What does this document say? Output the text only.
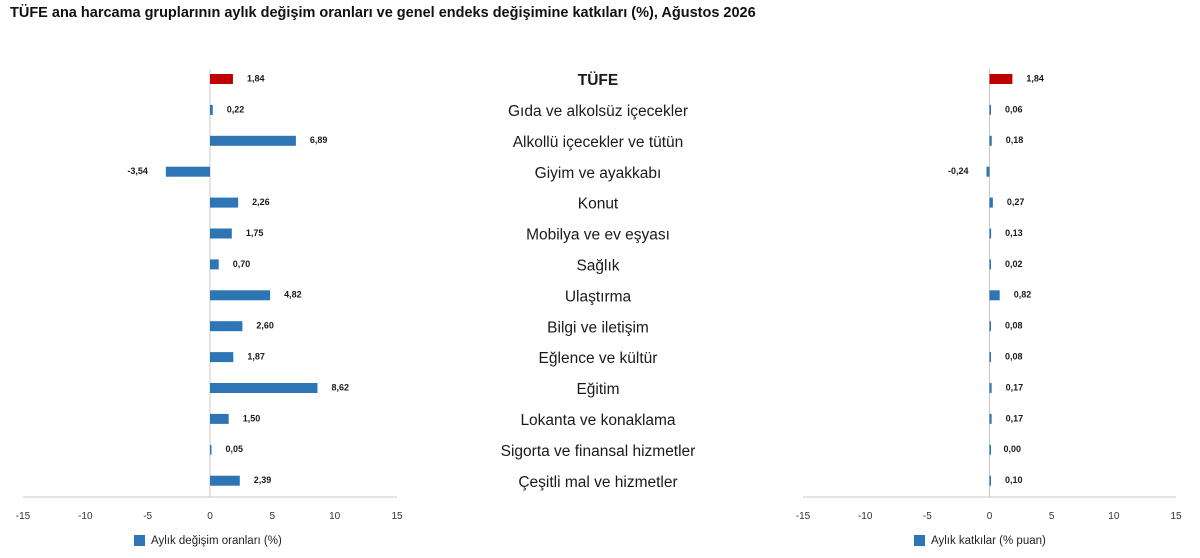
TÜFE ana harcama gruplarının aylık değişim oranları ve genel endeks değişimine katkıları (%), Ağustos 2026
TÜFE
Gıda ve alkolsüz içecekler
Alkollü içecekler ve tütün
Giyim ve ayakkabı
Konut
Mobilya ve ev eşyası
Sağlık
Ulaştırma
Bilgi ve iletişim
Eğlence ve kültür
Eğitim
Lokanta ve konaklama
Sigorta ve finansal hizmetler
Çeşitli mal ve hizmetler
-15	-10	-5	0	5	10	15
1,84
0,22
6,89
-3,54
2,26
1,75
0,70
4,82
2,60
1,87
8,62
1,50
0,05
2,39
Aylık değişim oranları (%)
-15	-10	-5	0	5	10	15
1,84
0,06
0,18
-0,24
0,27
0,13
0,02
0,82
0,08
0,08
0,17
0,17
0,00
0,10
Aylık katkılar (% puan)
